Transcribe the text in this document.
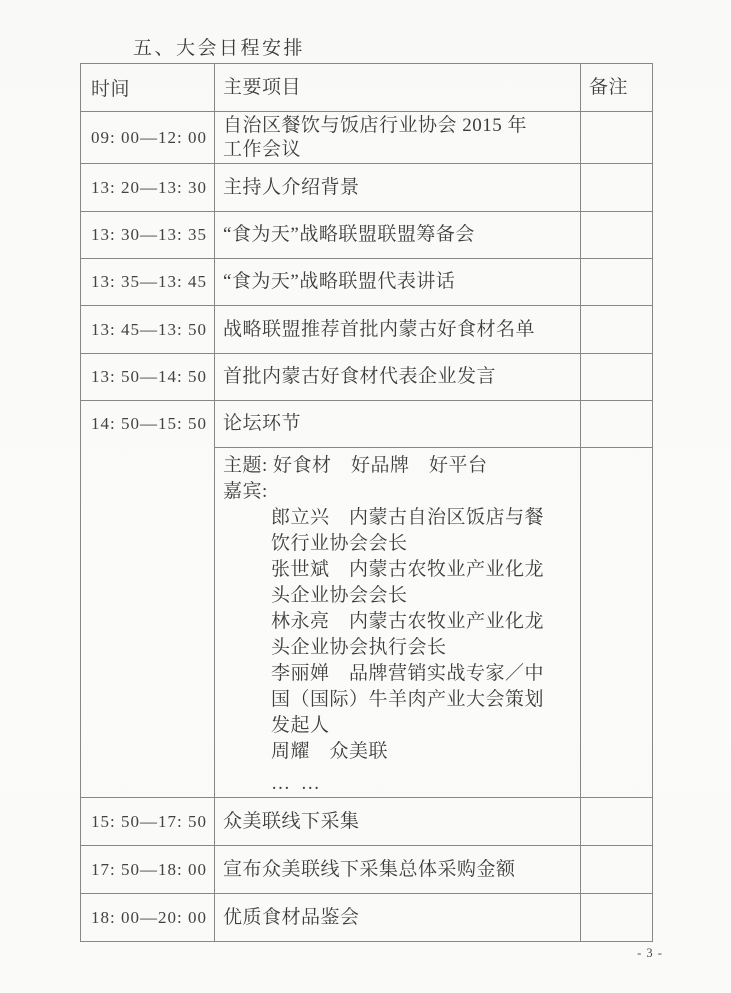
五、大会日程安排
时间	主要项目	备注
09: 00—12: 00	自治区餐饮与饭店行业协会 2015 年
工作会议	

13: 20—13: 30	主持人介绍背景	
13: 30—13: 35	“食为天”战略联盟联盟筹备会	
13: 35—13: 45	“食为天”战略联盟代表讲话	
13: 45—13: 50	战略联盟推荐首批内蒙古好食材名单	
13: 50—14: 50	首批内蒙古好食材代表企业发言	
14: 50—15: 50	论坛环节	

主题: 好食材　好品牌　好平台
嘉宾:
郎立兴　内蒙古自治区饭店与餐
饮行业协会会长
张世斌　内蒙古农牧业产业化龙
头企业协会会长
林永亮　内蒙古农牧业产业化龙
头企业协会执行会长
李丽婵　品牌营销实战专家／中
国（国际）牛羊肉产业大会策划
发起人
周耀　众美联
… …

15: 50—17: 50	众美联线下采集	
17: 50—18: 00	宣布众美联线下采集总体采购金额	
18: 00—20: 00	优质食材品鉴会	
- 3 -
